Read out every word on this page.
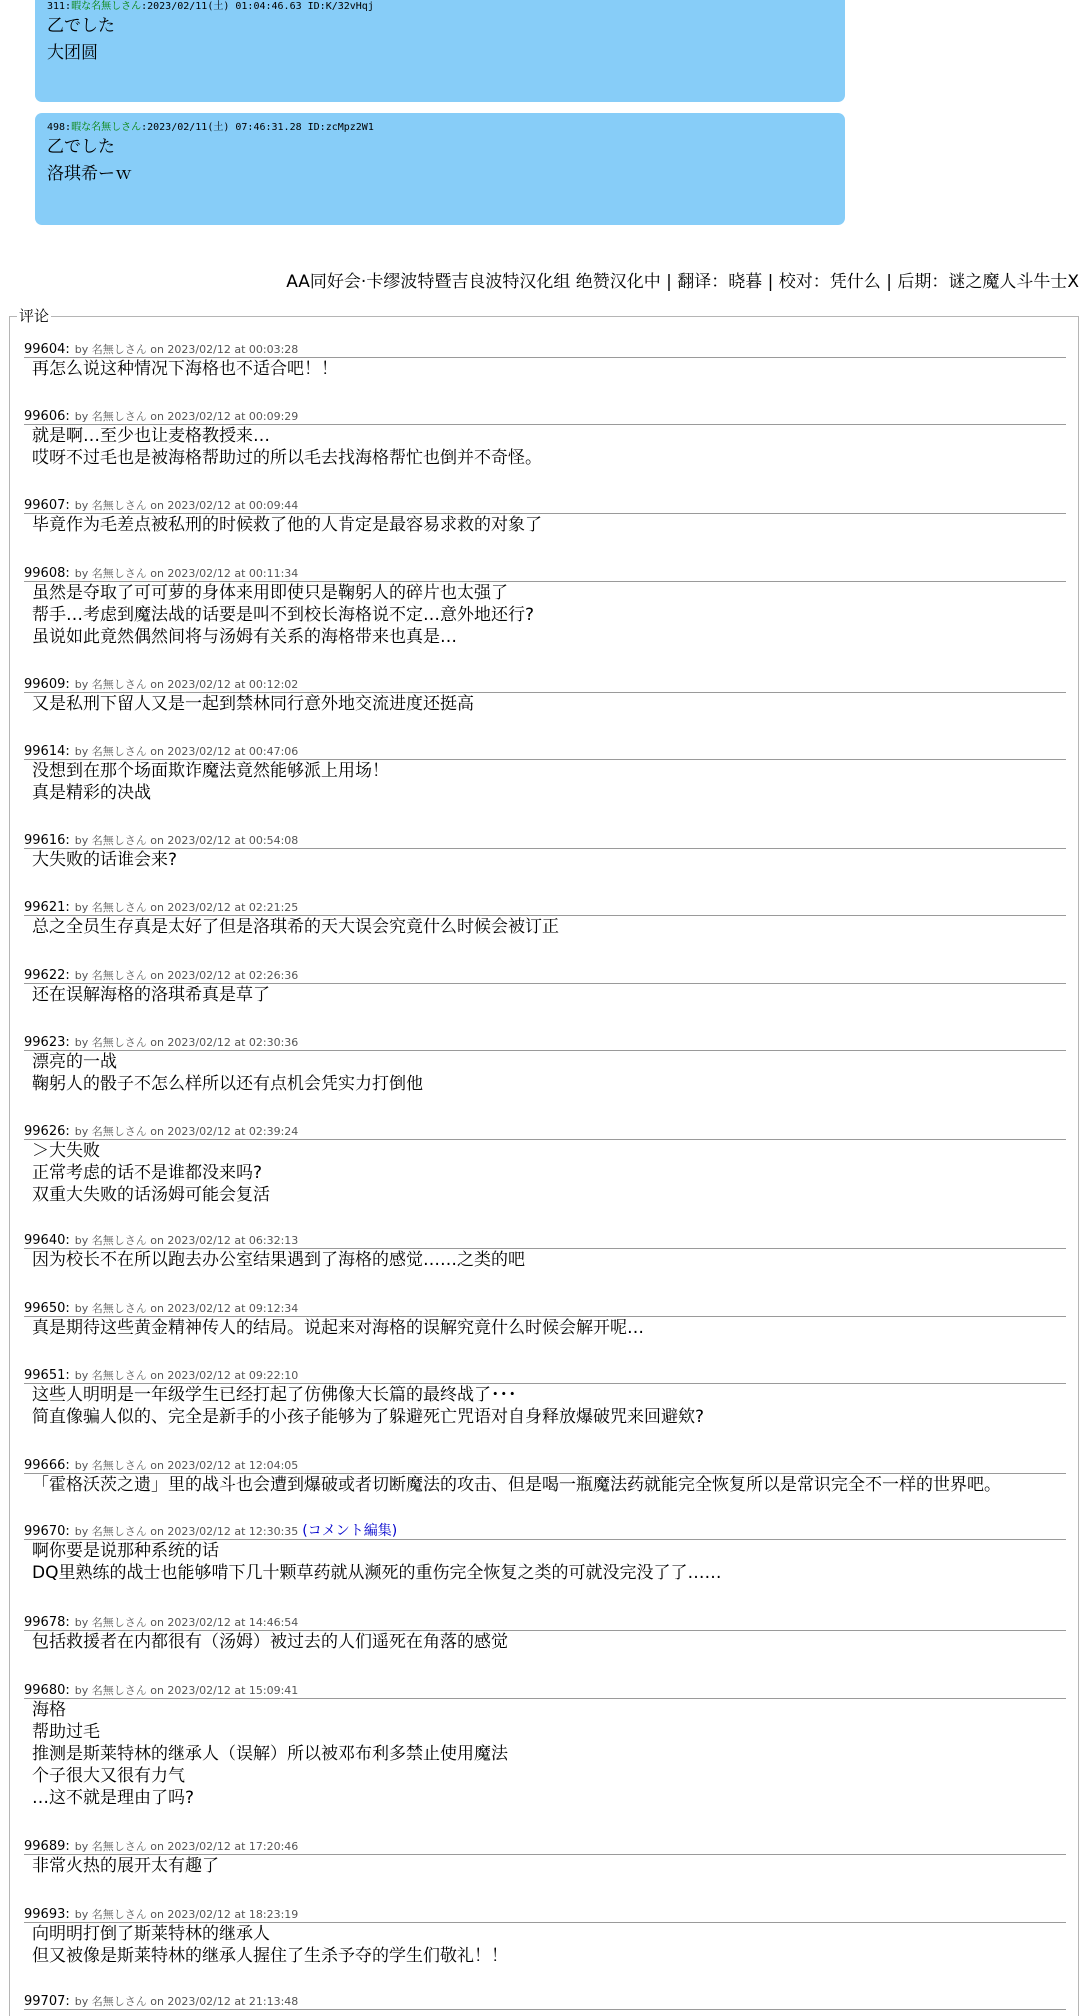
311:暇な名無しさん:2023/02/11(土) 01:04:46.63 ID:K/32vHqj
乙でした
大团圆
498:暇な名無しさん:2023/02/11(土) 07:46:31.28 ID:zcMpz2W1
乙でした
洛琪希ーｗ
AA同好会·卡缪波特暨吉良波特汉化组 绝赞汉化中 | 翻译：晓暮 | 校对：凭什么 | 后期：谜之魔人斗牛士X
评论
99604: by 名無しさん on 2023/02/12 at 00:03:28
再怎么说这种情况下海格也不适合吧！！
99606: by 名無しさん on 2023/02/12 at 00:09:29
就是啊…至少也让麦格教授来…
哎呀不过毛也是被海格帮助过的所以毛去找海格帮忙也倒并不奇怪。
99607: by 名無しさん on 2023/02/12 at 00:09:44
毕竟作为毛差点被私刑的时候救了他的人肯定是最容易求救的对象了
99608: by 名無しさん on 2023/02/12 at 00:11:34
虽然是夺取了可可萝的身体来用即使只是鞠躬人的碎片也太强了
帮手…考虑到魔法战的话要是叫不到校长海格说不定…意外地还行?
虽说如此竟然偶然间将与汤姆有关系的海格带来也真是…
99609: by 名無しさん on 2023/02/12 at 00:12:02
又是私刑下留人又是一起到禁林同行意外地交流进度还挺高
99614: by 名無しさん on 2023/02/12 at 00:47:06
没想到在那个场面欺诈魔法竟然能够派上用场！
真是精彩的决战
99616: by 名無しさん on 2023/02/12 at 00:54:08
大失败的话谁会来?
99621: by 名無しさん on 2023/02/12 at 02:21:25
总之全员生存真是太好了但是洛琪希的天大误会究竟什么时候会被订正
99622: by 名無しさん on 2023/02/12 at 02:26:36
还在误解海格的洛琪希真是草了
99623: by 名無しさん on 2023/02/12 at 02:30:36
漂亮的一战
鞠躬人的骰子不怎么样所以还有点机会凭实力打倒他
99626: by 名無しさん on 2023/02/12 at 02:39:24
＞大失败
正常考虑的话不是谁都没来吗?
双重大失败的话汤姆可能会复活
99640: by 名無しさん on 2023/02/12 at 06:32:13
因为校长不在所以跑去办公室结果遇到了海格的感觉……之类的吧
99650: by 名無しさん on 2023/02/12 at 09:12:34
真是期待这些黄金精神传人的结局。说起来对海格的误解究竟什么时候会解开呢…
99651: by 名無しさん on 2023/02/12 at 09:22:10
这些人明明是一年级学生已经打起了仿佛像大长篇的最终战了･･･
简直像骗人似的、完全是新手的小孩子能够为了躲避死亡咒语对自身释放爆破咒来回避欸?
99666: by 名無しさん on 2023/02/12 at 12:04:05
「霍格沃茨之遗」里的战斗也会遭到爆破或者切断魔法的攻击、但是喝一瓶魔法药就能完全恢复所以是常识完全不一样的世界吧。
99670: by 名無しさん on 2023/02/12 at 12:30:35 (コメント編集)
啊你要是说那种系统的话
DQ里熟练的战士也能够啃下几十颗草药就从濒死的重伤完全恢复之类的可就没完没了了……
99678: by 名無しさん on 2023/02/12 at 14:46:54
包括救援者在内都很有（汤姆）被过去的人们遥死在角落的感觉
99680: by 名無しさん on 2023/02/12 at 15:09:41
海格
帮助过毛
推测是斯莱特林的继承人（误解）所以被邓布利多禁止使用魔法
个子很大又很有力气
…这不就是理由了吗?
99689: by 名無しさん on 2023/02/12 at 17:20:46
非常火热的展开太有趣了
99693: by 名無しさん on 2023/02/12 at 18:23:19
向明明打倒了斯莱特林的继承人
但又被像是斯莱特林的继承人握住了生杀予夺的学生们敬礼！！
99707: by 名無しさん on 2023/02/12 at 21:13:48
